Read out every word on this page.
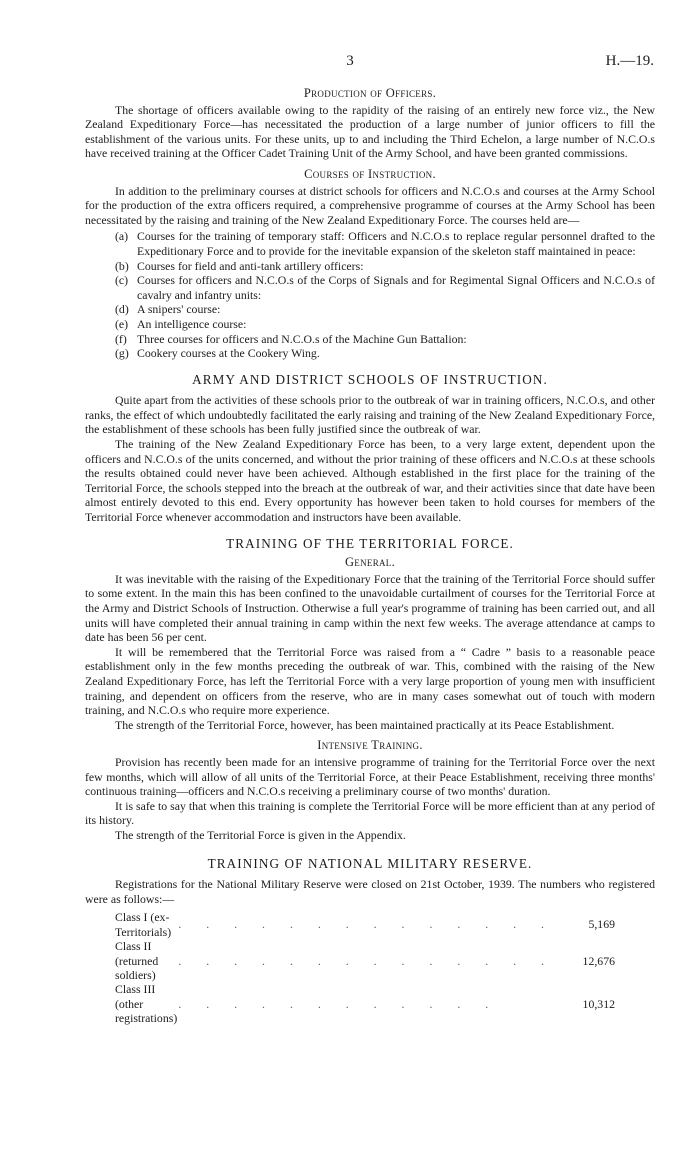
3	H.—19.
Production of Officers.

The shortage of officers available owing to the rapidity of the raising of an entirely new force viz., the New Zealand Expeditionary Force—has necessitated the production of a large number of junior officers to fill the establishment of the various units. For these units, up to and including the Third Echelon, a large number of N.C.O.s have received training at the Officer Cadet Training Unit of the Army School, and have been granted commissions.

Courses of Instruction.

In addition to the preliminary courses at district schools for officers and N.C.O.s and courses at the Army School for the production of the extra officers required, a comprehensive programme of courses at the Army School has been necessitated by the raising and training of the New Zealand Expeditionary Force. The courses held are—

(a) Courses for the training of temporary staff: Officers and N.C.O.s to replace regular personnel drafted to the Expeditionary Force and to provide for the inevitable expansion of the skeleton staff maintained in peace:
(b) Courses for field and anti-tank artillery officers:
(c) Courses for officers and N.C.O.s of the Corps of Signals and for Regimental Signal Officers and N.C.O.s of cavalry and infantry units:
(d) A snipers' course:
(e) An intelligence course:
(f) Three courses for officers and N.C.O.s of the Machine Gun Battalion:
(g) Cookery courses at the Cookery Wing.
ARMY AND DISTRICT SCHOOLS OF INSTRUCTION.

Quite apart from the activities of these schools prior to the outbreak of war in training officers, N.C.O.s, and other ranks, the effect of which undoubtedly facilitated the early raising and training of the New Zealand Expeditionary Force, the establishment of these schools has been fully justified since the outbreak of war.

The training of the New Zealand Expeditionary Force has been, to a very large extent, dependent upon the officers and N.C.O.s of the units concerned, and without the prior training of these officers and N.C.O.s at these schools the results obtained could never have been achieved. Although established in the first place for the training of the Territorial Force, the schools stepped into the breach at the outbreak of war, and their activities since that date have been almost entirely devoted to this end. Every opportunity has however been taken to hold courses for members of the Territorial Force whenever accommodation and instructors have been available.

TRAINING OF THE TERRITORIAL FORCE.
General.

It was inevitable with the raising of the Expeditionary Force that the training of the Territorial Force should suffer to some extent. In the main this has been confined to the unavoidable curtailment of courses for the Territorial Force at the Army and District Schools of Instruction. Otherwise a full year's programme of training has been carried out, and all units will have completed their annual training in camp within the next few weeks. The average attendance at camps to date has been 56 per cent.

It will be remembered that the Territorial Force was raised from a “ Cadre ” basis to a reasonable peace establishment only in the few months preceding the outbreak of war. This, combined with the raising of the New Zealand Expeditionary Force, has left the Territorial Force with a very large proportion of young men with insufficient training, and dependent on officers from the reserve, who are in many cases somewhat out of touch with modern training, and N.C.O.s who require more experience.

The strength of the Territorial Force, however, has been maintained practically at its Peace Establishment.

Intensive Training.

Provision has recently been made for an intensive programme of training for the Territorial Force over the next few months, which will allow of all units of the Territorial Force, at their Peace Establishment, receiving three months' continuous training—officers and N.C.O.s receiving a preliminary course of two months' duration.

It is safe to say that when this training is complete the Territorial Force will be more efficient than at any period of its history.

The strength of the Territorial Force is given in the Appendix.

TRAINING OF NATIONAL MILITARY RESERVE.

Registrations for the National Military Reserve were closed on 21st October, 1939. The numbers who registered were as follows:—

Class I (ex-Territorials)	. . . . . . . . . . . . . .	5,169
Class II (returned soldiers)	. . . . . . . . . . . . . .	12,676
Class III (other registrations)	. . . . . . . . . . . .	10,312
